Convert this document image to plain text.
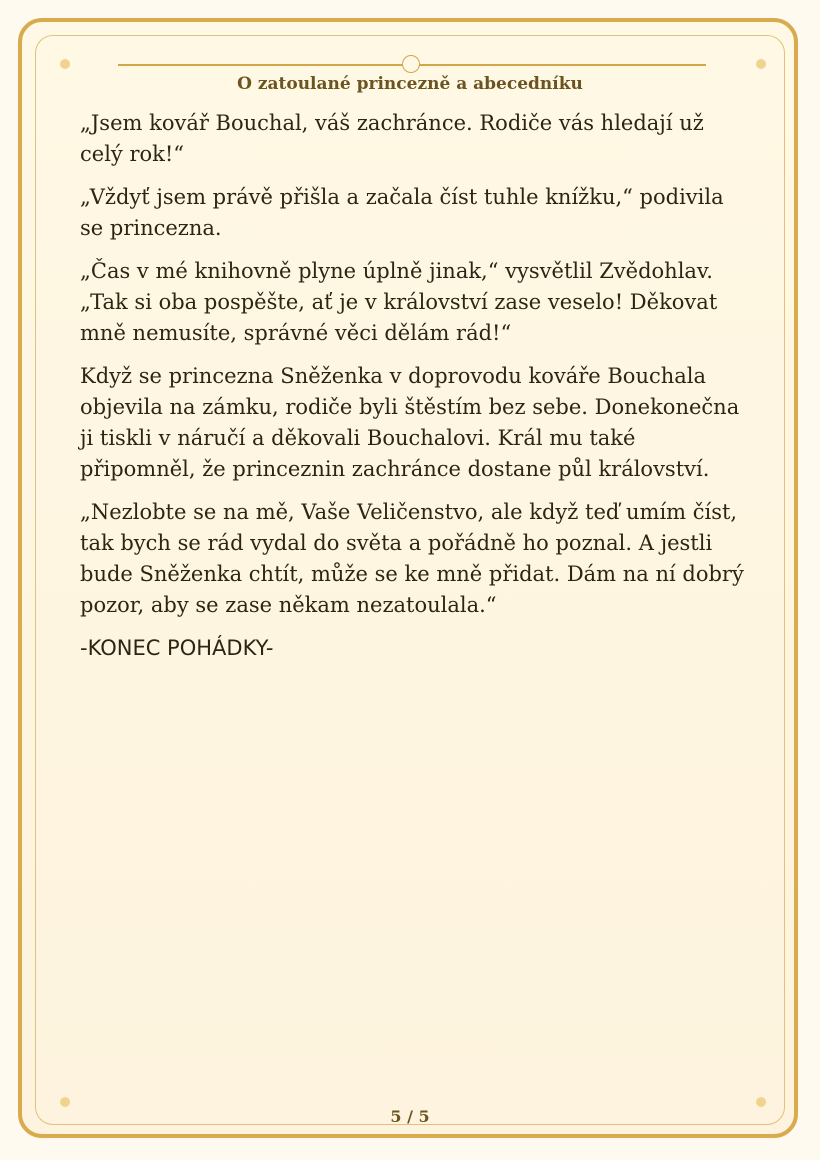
O zatoulané princezně a abecedníku

„Jsem kovář Bouchal, váš zachránce. Rodiče vás hledají už celý rok!“

„Vždyť jsem právě přišla a začala číst tuhle knížku,“ podivila se princezna.

„Čas v mé knihovně plyne úplně jinak,“ vysvětlil Zvědohlav. „Tak si oba pospěšte, ať je v království zase veselo! Děkovat mně nemusíte, správné věci dělám rád!“

Když se princezna Sněženka v doprovodu kováře Bouchala objevila na zámku, rodiče byli štěstím bez sebe. Donekonečna ji tiskli v náručí a děkovali Bouchalovi. Král mu také připomněl, že princeznin zachránce dostane půl království.

„Nezlobte se na mě, Vaše Veličenstvo, ale když teď umím číst, tak bych se rád vydal do světa a pořádně ho poznal. A jestli bude Sněženka chtít, může se ke mně přidat. Dám na ní dobrý pozor, aby se zase někam nezatoulala.“

-KONEC POHÁDKY-

5 / 5
